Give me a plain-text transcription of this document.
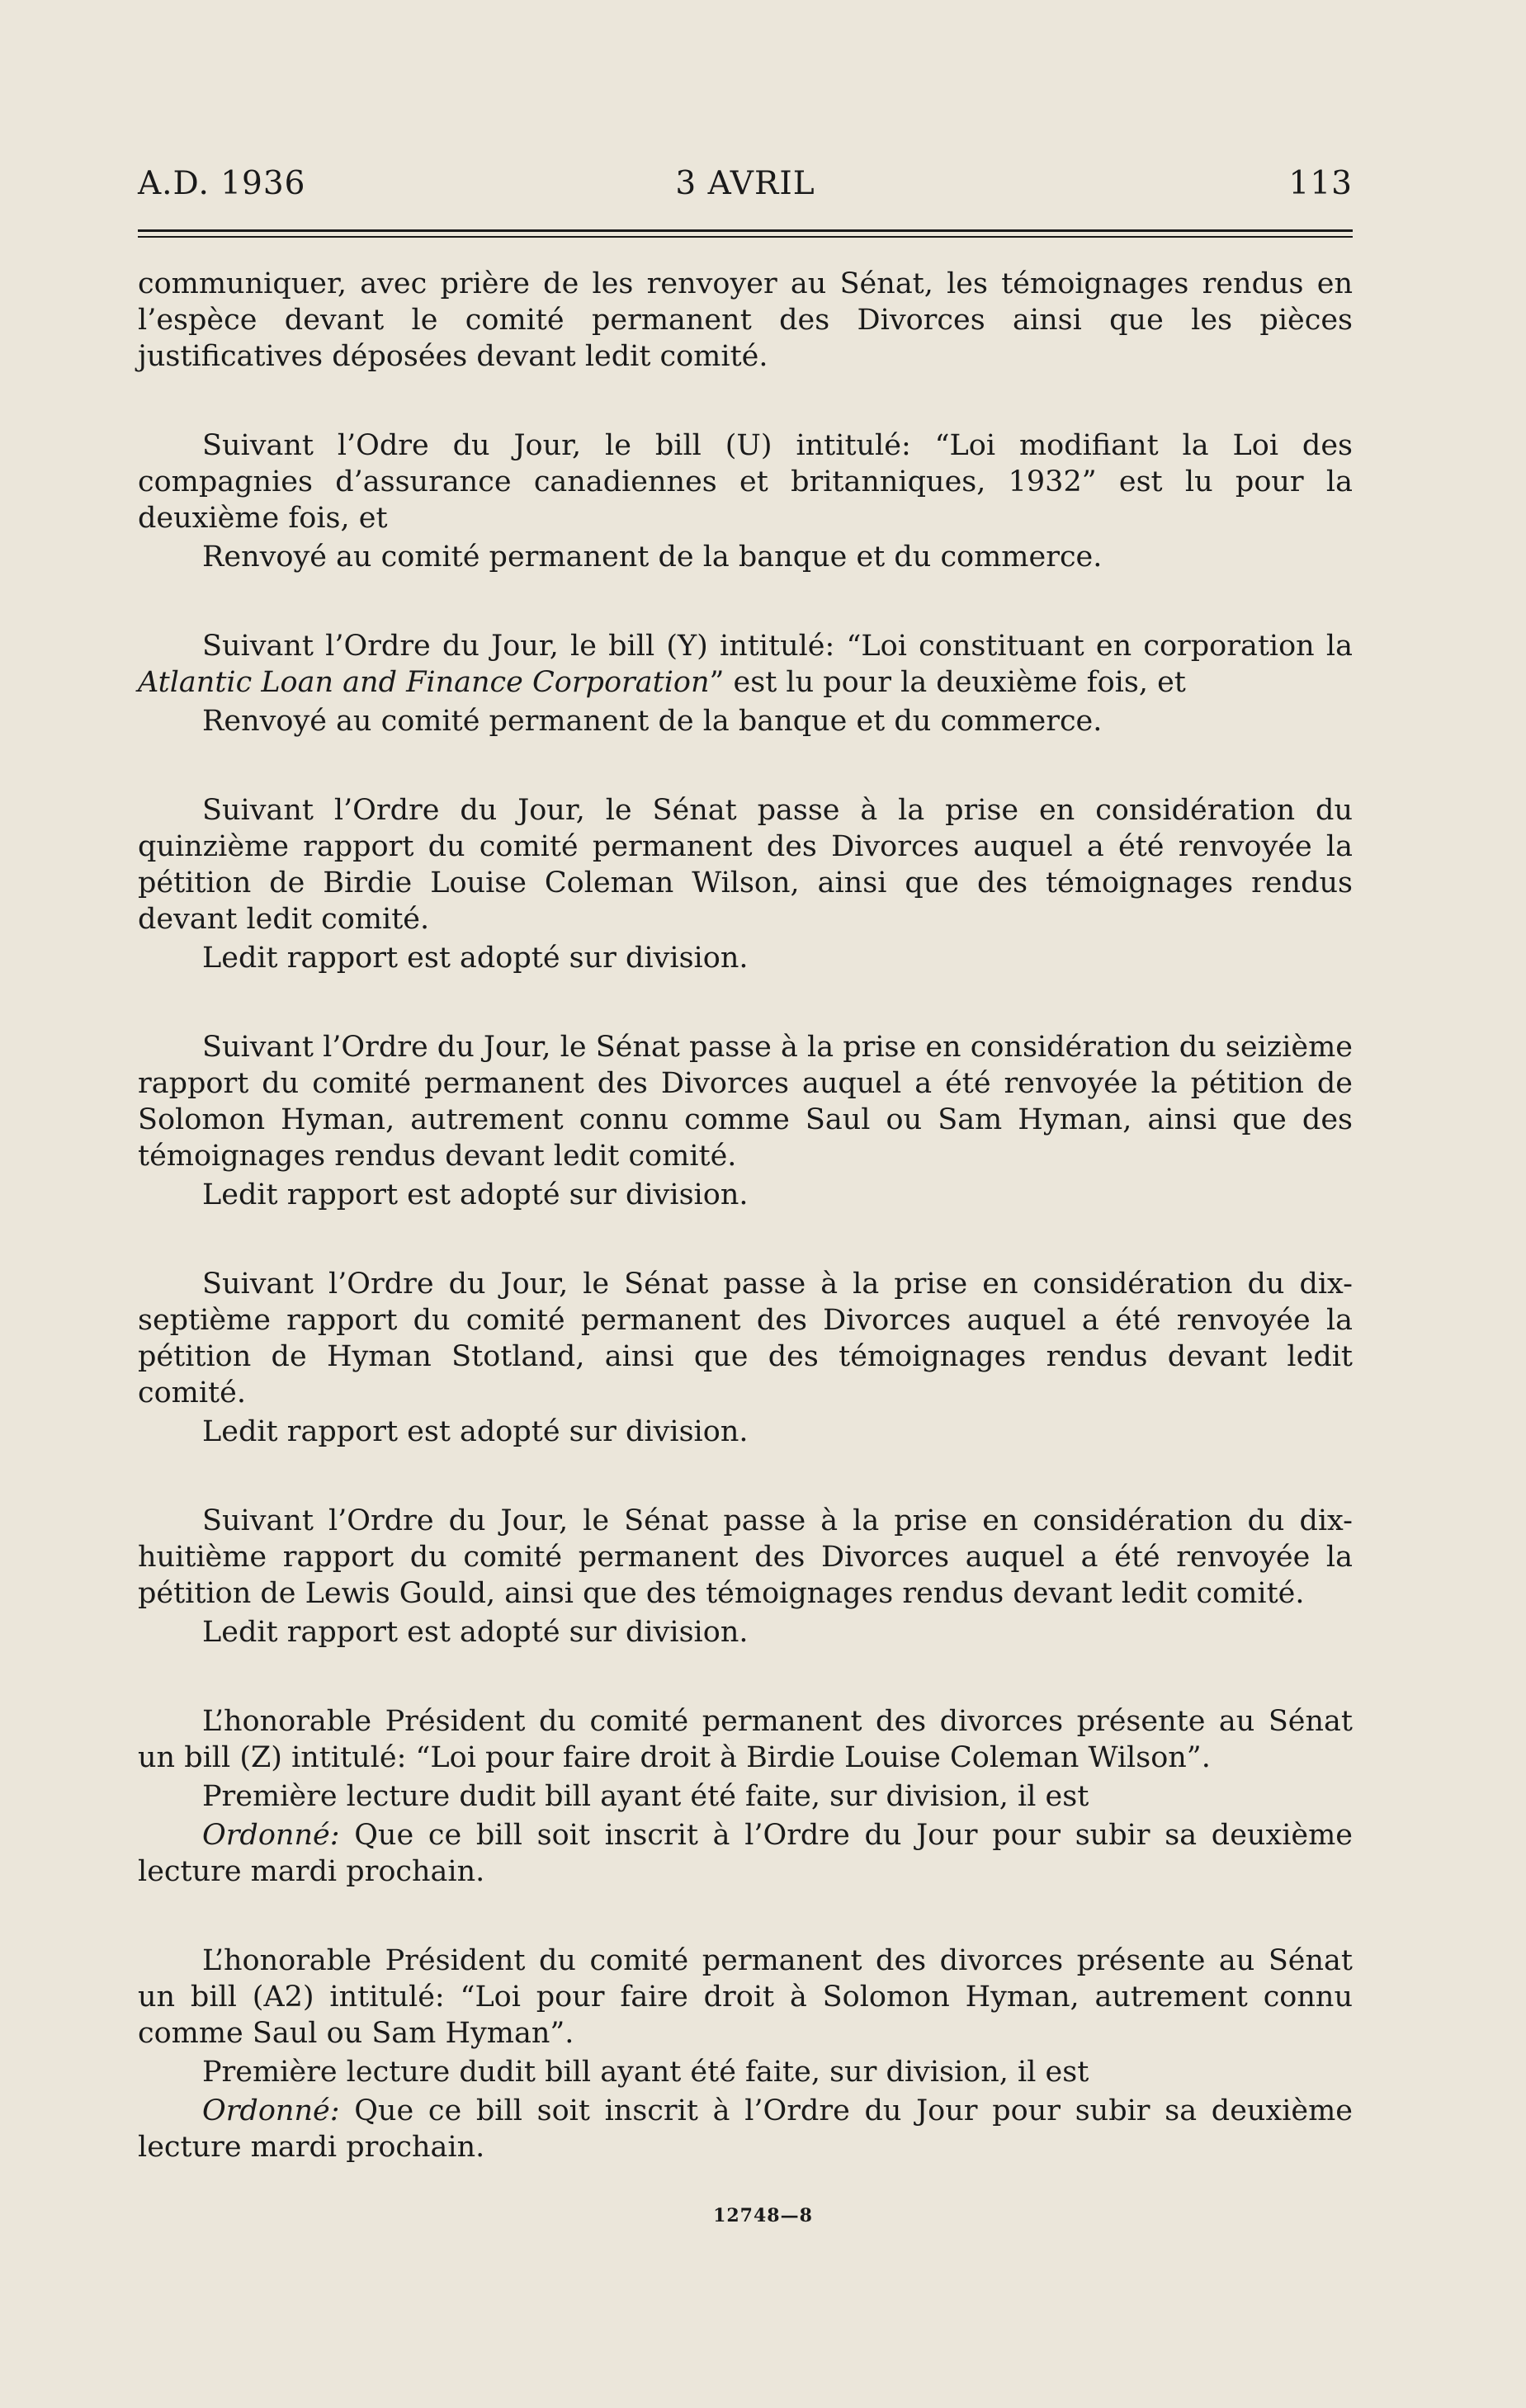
A.D. 1936	3 AVRIL	113

communiquer, avec prière de les renvoyer au Sénat, les témoignages rendus en l’espèce devant le comité permanent des Divorces ainsi que les pièces justificatives déposées devant ledit comité.

Suivant l’Odre du Jour, le bill (U) intitulé: “Loi modifiant la Loi des compagnies d’assurance canadiennes et britanniques, 1932” est lu pour la deuxième fois, et

Renvoyé au comité permanent de la banque et du commerce.

Suivant l’Ordre du Jour, le bill (Y) intitulé: “Loi constituant en corporation la Atlantic Loan and Finance Corporation” est lu pour la deuxième fois, et

Renvoyé au comité permanent de la banque et du commerce.

Suivant l’Ordre du Jour, le Sénat passe à la prise en considération du quinzième rapport du comité permanent des Divorces auquel a été renvoyée la pétition de Birdie Louise Coleman Wilson, ainsi que des témoignages rendus devant ledit comité.

Ledit rapport est adopté sur division.

Suivant l’Ordre du Jour, le Sénat passe à la prise en considération du seizième rapport du comité permanent des Divorces auquel a été renvoyée la pétition de Solomon Hyman, autrement connu comme Saul ou Sam Hyman, ainsi que des témoignages rendus devant ledit comité.

Ledit rapport est adopté sur division.

Suivant l’Ordre du Jour, le Sénat passe à la prise en considération du dix-septième rapport du comité permanent des Divorces auquel a été renvoyée la pétition de Hyman Stotland, ainsi que des témoignages rendus devant ledit comité.

Ledit rapport est adopté sur division.

Suivant l’Ordre du Jour, le Sénat passe à la prise en considération du dix-huitième rapport du comité permanent des Divorces auquel a été renvoyée la pétition de Lewis Gould, ainsi que des témoignages rendus devant ledit comité.

Ledit rapport est adopté sur division.

L’honorable Président du comité permanent des divorces présente au Sénat un bill (Z) intitulé: “Loi pour faire droit à Birdie Louise Coleman Wilson”.

Première lecture dudit bill ayant été faite, sur division, il est

Ordonné: Que ce bill soit inscrit à l’Ordre du Jour pour subir sa deuxième lecture mardi prochain.

L’honorable Président du comité permanent des divorces présente au Sénat un bill (A2) intitulé: “Loi pour faire droit à Solomon Hyman, autrement connu comme Saul ou Sam Hyman”.

Première lecture dudit bill ayant été faite, sur division, il est

Ordonné: Que ce bill soit inscrit à l’Ordre du Jour pour subir sa deuxième lecture mardi prochain.

12748—8
